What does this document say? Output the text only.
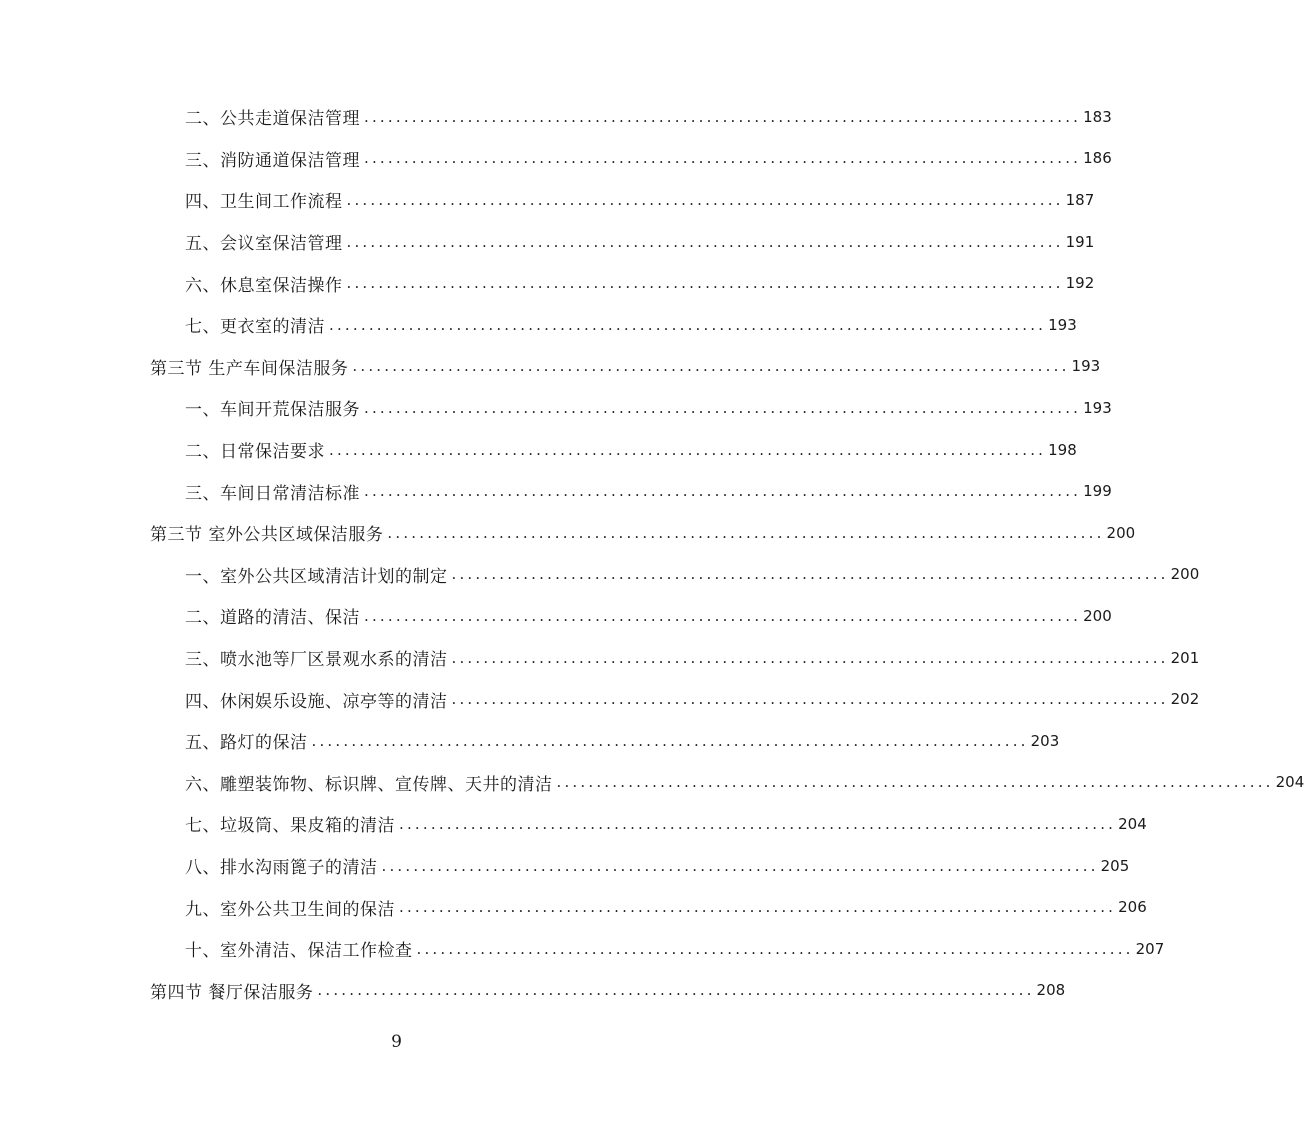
二、公共走道保洁管理 .......................................................................................... 183
三、消防通道保洁管理 .......................................................................................... 186
四、卫生间工作流程 .......................................................................................... 187
五、会议室保洁管理 .......................................................................................... 191
六、休息室保洁操作 .......................................................................................... 192
七、更衣室的清洁 .......................................................................................... 193
第三节 生产车间保洁服务 .......................................................................................... 193
一、车间开荒保洁服务 .......................................................................................... 193
二、日常保洁要求 .......................................................................................... 198
三、车间日常清洁标准 .......................................................................................... 199
第三节 室外公共区域保洁服务 .......................................................................................... 200
一、室外公共区域清洁计划的制定 .......................................................................................... 200
二、道路的清洁、保洁 .......................................................................................... 200
三、喷水池等厂区景观水系的清洁 .......................................................................................... 201
四、休闲娱乐设施、凉亭等的清洁 .......................................................................................... 202
五、路灯的保洁 .......................................................................................... 203
六、雕塑装饰物、标识牌、宣传牌、天井的清洁 .......................................................................................... 204
七、垃圾筒、果皮箱的清洁 .......................................................................................... 204
八、排水沟雨篦子的清洁 .......................................................................................... 205
九、室外公共卫生间的保洁 .......................................................................................... 206
十、室外清洁、保洁工作检查 .......................................................................................... 207
第四节 餐厅保洁服务 .......................................................................................... 208
9
